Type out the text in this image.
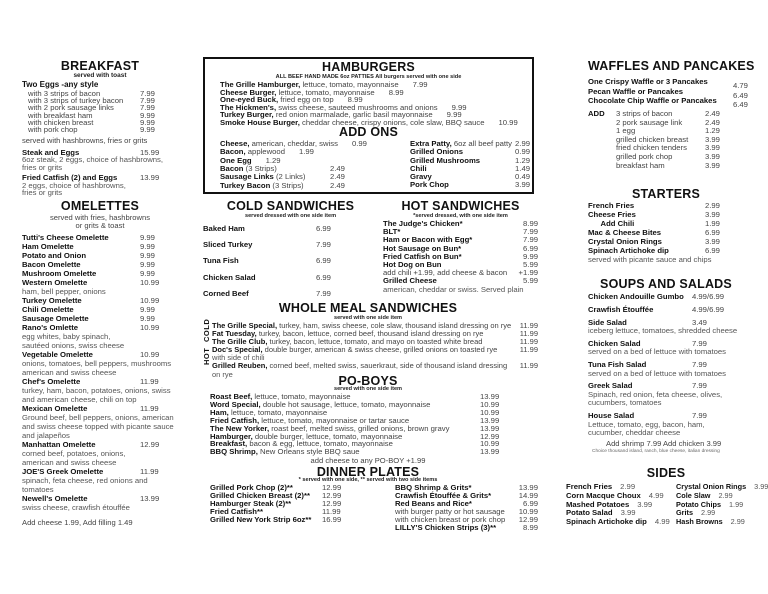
BREAKFAST
served with toast
Two Eggs -any style
with 3 strips of bacon	7.99
with 3 strips of turkey bacon 7.99
with 2 pork sausage links	7.99
with breakfast ham	9.99
with chicken breast	9.99
with pork chop	9.99
served with hashbrowns, fries or grits
Steak and Eggs	15.99
6oz steak, 2 eggs, choice of hashbrowns,
fries or grits
Fried Catfish (2) and Eggs	13.99
2 eggs, choice of hashbrowns,
fries or grits
OMELETTES
served with fries, hashbrowns
or grits & toast
Tutti's Cheese Omelette	9.99
Ham Omelette	9.99
Potato and Onion	9.99
Bacon Omelette	9.99
Mushroom Omelette	9.99
Western Omelette	10.99
ham, bell pepper, onions
Turkey Omelette	10.99
Chili Omelette	9.99
Sausage Omelette	9.99
Rano's Omlette	10.99
egg whites, baby spinach,
sautéed onions, swiss cheese
Vegetable Omelette	10.99
onions, tomatoes, bell peppers, mushrooms
american and swiss cheese
Chef's Omelette	11.99
turkey, ham, bacon, potatoes, onions, swiss
and american cheese, chili on top
Mexican Omelette	11.99
Ground beef, bell peppers, onions, american
and swiss cheese topped with picante sauce
and jalapeños
Manhattan Omelette	12.99
corned beef, potatoes, onions,
american and swiss cheese
JOE'S Greek Omelette	11.99
spinach, feta cheese, red onions and
tomatoes
Newell's Omelette	13.99
swiss cheese, crawfish étouffée
Add cheese 1.99, Add filling 1.49
HAMBURGERS
ALL BEEF HAND MADE 6oz PATTIES All burgers served with one side
The Grille Hamburger, lettuce, tomato, mayonnaise 7.99
Cheese Burger, lettuce, tomato, mayonnaise 8.99
One-eyed Buck, fried egg on top 8.99
The Hickmen's, swiss cheese, sauteed mushrooms and onions 9.99
Turkey Burger, red onion marmalade, garlic basil mayonnaise 9.99
Smoke House Burger, cheddar cheese, crispy onions, cole slaw, BBQ sauce 10.99
ADD ONS
Cheese, american, cheddar, swiss 0.99
Bacon, applewood 1.99
One Egg 1.29
Bacon (3 Strips)	2.49
Sausage Links (2 Links)	2.49
Turkey Bacon (3 Strips)	2.49
Extra Patty, 6oz all beef patty 2.99
Grilled Onions	0.99
Grilled Mushrooms	1.29
Chili	1.49
Gravy	0.49
Pork Chop	3.99
COLD SANDWICHES
served dressed with one side item
Baked Ham	6.99
Sliced Turkey	7.99
Tuna Fish	6.99
Chicken Salad	6.99
Corned Beef	7.99
HOT SANDWICHES
*served dressed, with one side item
The Judge's Chicken*	8.99
BLT*	7.99
Ham or Bacon with Egg*	7.99
Hot Sausage on Bun*	6.99
Fried Catfish on Bun*	9.99
Hot Dog on Bun	5.99
add chili +1.99, add cheese & bacon +1.99
Grilled Cheese	5.99
american, cheddar or swiss. Served plain
WHOLE MEAL SANDWICHES
served with one side item
COLD
HOT
The Grille Special, turkey, ham, swiss cheese, cole slaw, thousand island dressing on rye 11.99
Fat Tuesday, turkey, bacon, lettuce, corned beef, thousand island dressing on rye	11.99
The Grille Club, turkey, bacon, lettuce, tomato, and mayo on toasted white bread	11.99
Doc's Special, double burger, american & swiss cheese, grilled onions on toasted rye	11.99
with side of chili
Grilled Reuben, corned beef, melted swiss, sauerkraut, side of thousand island dressing 11.99
on rye	PO-BOYS
served with one side item
Roast Beef, lettuce, tomato, mayonnaise	13.99
Word Special, double hot sausage, lettuce, tomato, mayonnaise	10.99
Ham, lettuce, tomato, mayonnaise	10.99
Fried Catfish, lettuce, tomato, mayonnaise or tartar sauce	13.99
The New Yorker, roast beef, melted swiss, grilled onions, brown gravy	13.99
Hamburger, double burger, lettuce, tomato, mayonnaise	12.99
Breakfast, bacon & egg, lettuce, tomato, mayonnaise	10.99
BBQ Shrimp, New Orleans style BBQ saue	13.99
add cheese to any PO-BOY +1.99
DINNER PLATES
* served with one side, ** served with two side items
Grilled Pork Chop (2)**	12.99
Grilled Chicken Breast (2)** 12.99
Hamburger Steak (2)**	12.99
Fried Catfish**	11.99
Grilled New York Strip 6oz** 16.99
BBQ Shrimp & Grits*	13.99
Crawfish Étouffée & Grits*	14.99
Red Beans and Rice*	6.99
with burger patty or hot sausage 10.99
with chicken breast or pork chop 12.99
LILLY'S Chicken Strips (3)**	8.99
WAFFLES AND PANCAKES
One Crispy Waffle or 3 Pancakes	4.79
Pecan Waffle or Pancakes	6.49
Chocolate Chip Waffle or Pancakes 6.49
ADD 3 strips of bacon	2.49
2 pork sausage link	2.49
1 egg	1.29
grilled chicken breast 3.99
fried chicken tenders 3.99
grilled pork chop	3.99
breakfast ham	3.99
STARTERS
French Fries	2.99
Cheese Fries	3.99
Add Chili	1.99
Mac & Cheese Bites	6.99
Crystal Onion Rings	3.99
Spinach Artichoke dip	6.99
served with picante sauce and chips
SOUPS AND SALADS
Chicken Andouille Gumbo 4.99/6.99
Crawfish Étouffée	4.99/6.99
Side Salad	3.49
iceberg lettuce, tomatoes, shredded cheese
Chicken Salad	7.99
served on a bed of lettuce with tomatoes
Tuna Fish Salad	7.99
served on a bed of lettuce with tomatoes
Greek Salad	7.99
Spinach, red onion, feta cheese, olives,
cucumbers, tomatoes
House Salad	7.99
Lettuce, tomato, egg, bacon, ham,
cucumber, cheddar cheese
Add shrimp 7.99 Add chicken 3.99
Choice thousand island, ranch, blue cheese, italian dressing
SIDES
French Fries 2.99
Corn Macque Choux 4.99
Mashed Potatoes 3.99
Potato Salad 3.99
Spinach Artichoke dip 4.99
Crystal Onion Rings 3.99
Cole Slaw 2.99
Potato Chips 1.99
Grits 2.99
Hash Browns 2.99
